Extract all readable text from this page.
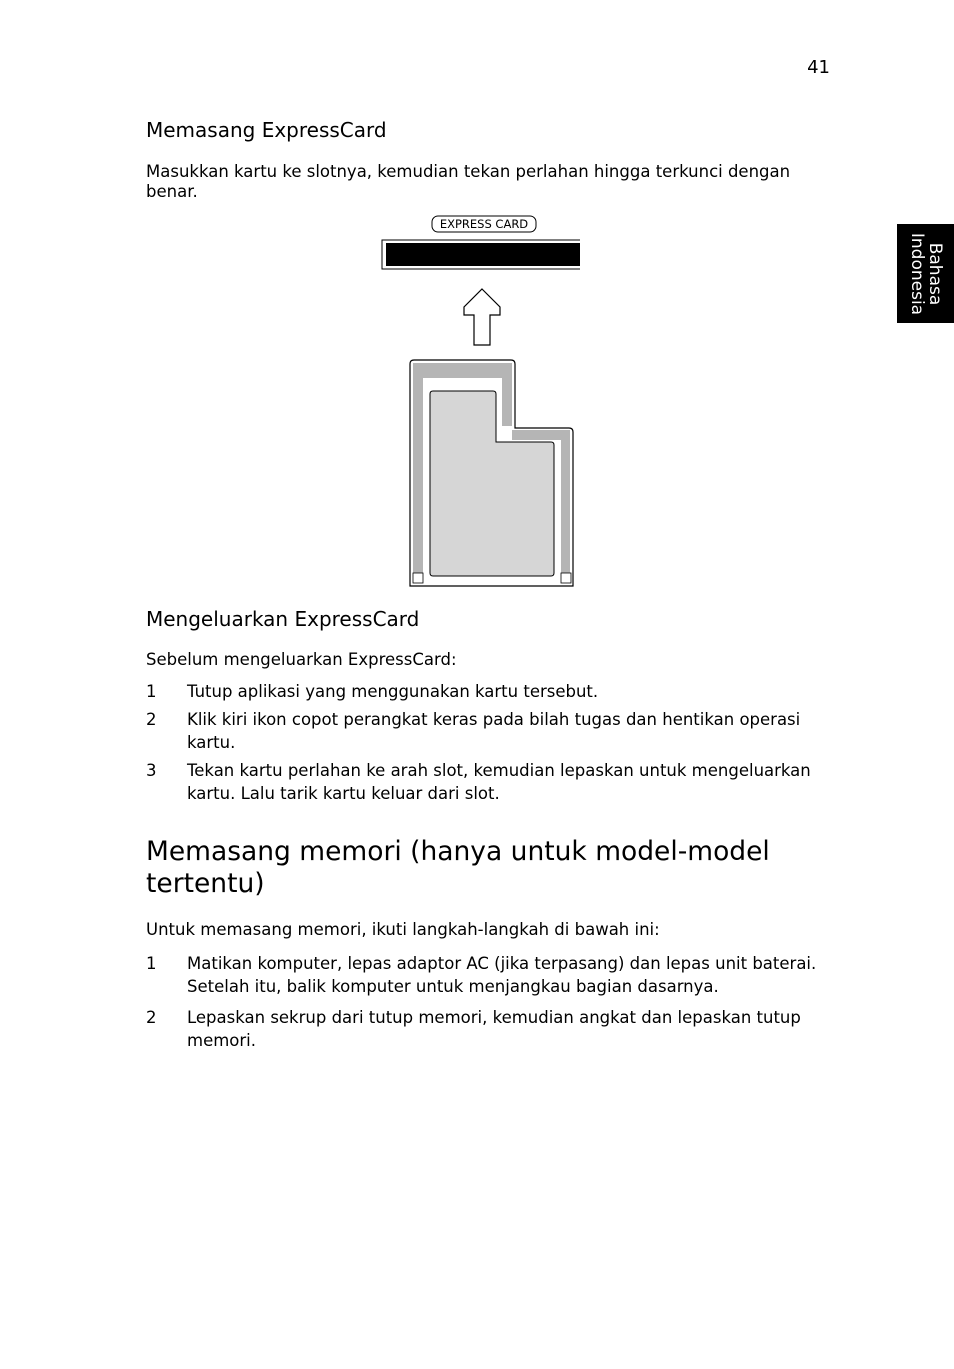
41
Bahasa
Indonesia
Memasang ExpressCard

Masukkan kartu ke slotnya, kemudian tekan perlahan hingga terkunci dengan benar.

EXPRESS CARD
Mengeluarkan ExpressCard

Sebelum mengeluarkan ExpressCard:

1 Tutup aplikasi yang menggunakan kartu tersebut.
2 Klik kiri ikon copot perangkat keras pada bilah tugas dan hentikan operasi kartu.
3 Tekan kartu perlahan ke arah slot, kemudian lepaskan untuk mengeluarkan kartu. Lalu tarik kartu keluar dari slot.
Memasang memori (hanya untuk model-model tertentu)

Untuk memasang memori, ikuti langkah-langkah di bawah ini:

1 Matikan komputer, lepas adaptor AC (jika terpasang) dan lepas unit baterai. Setelah itu, balik komputer untuk menjangkau bagian dasarnya.
2 Lepaskan sekrup dari tutup memori, kemudian angkat dan lepaskan tutup memori.
